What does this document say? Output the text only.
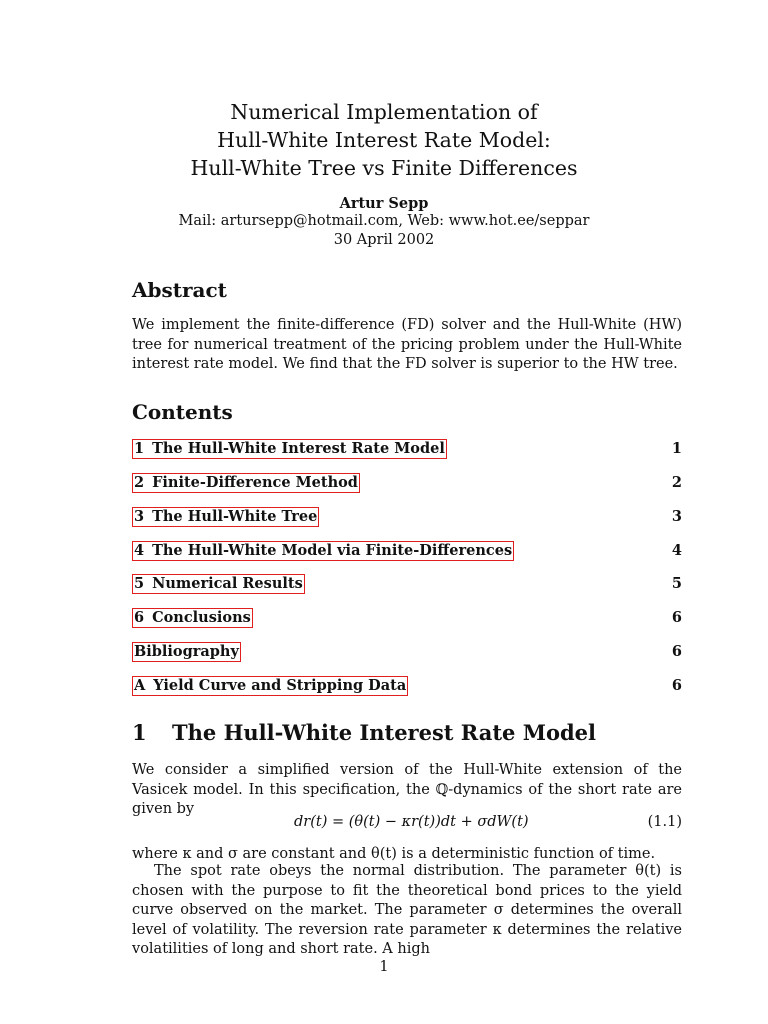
Numerical Implementation of
Hull-White Interest Rate Model:
Hull-White Tree vs Finite Differences
Artur Sepp
Mail: artursepp@hotmail.com, Web: www.hot.ee/seppar
30 April 2002
Abstract
We implement the finite-difference (FD) solver and the Hull-White (HW) tree for numerical treatment of the pricing problem under the Hull-White interest rate model. We find that the FD solver is superior to the HW tree.
Contents
1 The Hull-White Interest Rate Model	1
2 Finite-Difference Method	2
3 The Hull-White Tree	3
4 The Hull-White Model via Finite-Differences	4
5 Numerical Results	5
6 Conclusions	6
Bibliography	6
A Yield Curve and Stripping Data	6
1 The Hull-White Interest Rate Model
We consider a simplified version of the Hull-White extension of the Vasicek model. In this specification, the ℚ-dynamics of the short rate are given by
dr(t) = (θ(t) − κr(t))dt + σdW(t)	(1.1)
where κ and σ are constant and θ(t) is a deterministic function of time.
The spot rate obeys the normal distribution. The parameter θ(t) is chosen with the purpose to fit the theoretical bond prices to the yield curve observed on the market. The parameter σ determines the overall level of volatility. The reversion rate parameter κ determines the relative volatilities of long and short rate. A high
1
